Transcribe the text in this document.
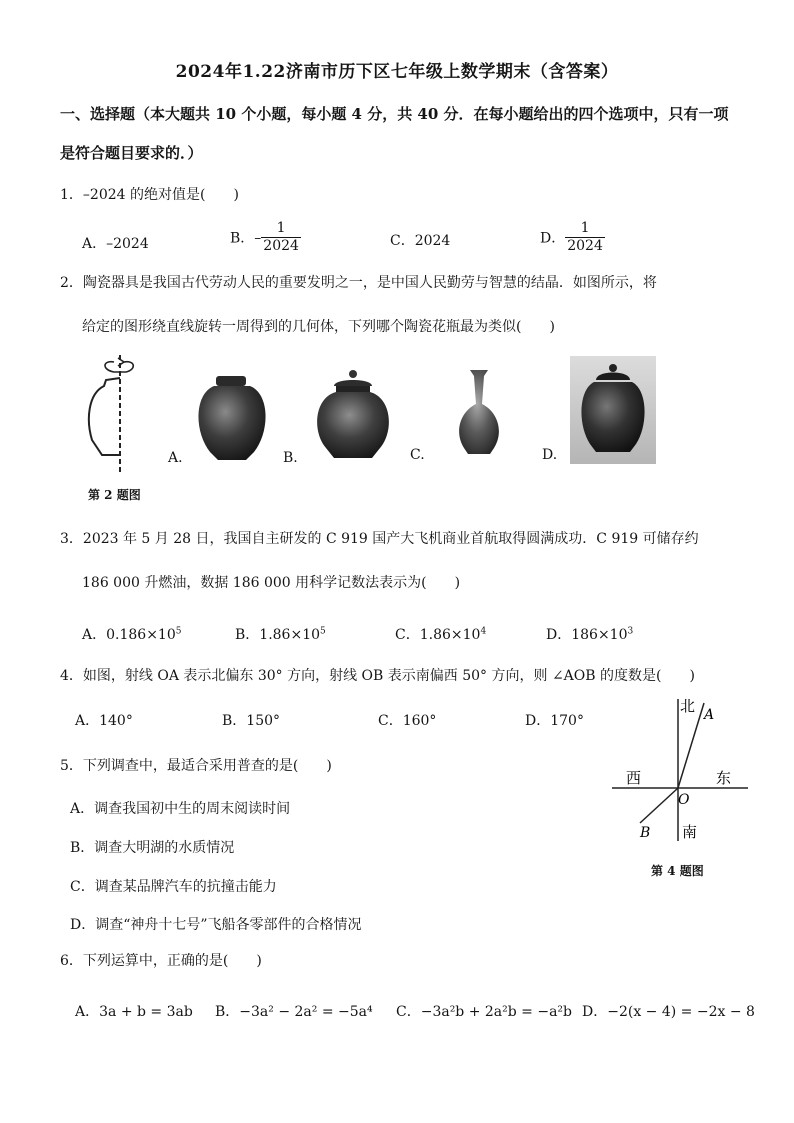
2024年1.22济南市历下区七年级上数学期末（含答案）
一、选择题（本大题共 10 个小题，每小题 4 分，共 40 分．在每小题给出的四个选项中，只有一项
是符合题目要求的．）
1．–2024 的绝对值是(　　)
A．–2024	B．– $\frac{1}{2024}$	C．2024	D． $\frac{1}{2024}$
2．陶瓷器具是我国古代劳动人民的重要发明之一，是中国人民勤劳与智慧的结晶．如图所示，将
给定的图形绕直线旋转一周得到的几何体，下列哪个陶瓷花瓶最为类似(　　)
A.	B.	C.	D.
第 2 题图
3．2023 年 5 月 28 日，我国自主研发的 C 919 国产大飞机商业首航取得圆满成功．C 919 可储存约
186 000 升燃油，数据 186 000 用科学记数法表示为(　　)
A．$0.186\times 10^5$	B．$1.86\times 10^5$	C．$1.86\times 10^4$	D．$186\times 10^3$
4．如图，射线 OA 表示北偏东 30° 方向，射线 OB 表示南偏西 50° 方向，则 ∠AOB 的度数是(　　)
A．140°	B．150°	C．160°	D．170°
北 A
西	东
O
B 南
第 4 题图
5．下列调查中，最适合采用普查的是(　　)
A．调查我国初中生的周末阅读时间
B．调查大明湖的水质情况
C．调查某品牌汽车的抗撞击能力
D．调查“神舟十七号”飞船各零部件的合格情况
6．下列运算中，正确的是(　　)
A．3a + b = 3ab B．−3a² − 2a² = −5a⁴ C．−3a²b + 2a²b = −a²b D．−2(x − 4) = −2x − 8
